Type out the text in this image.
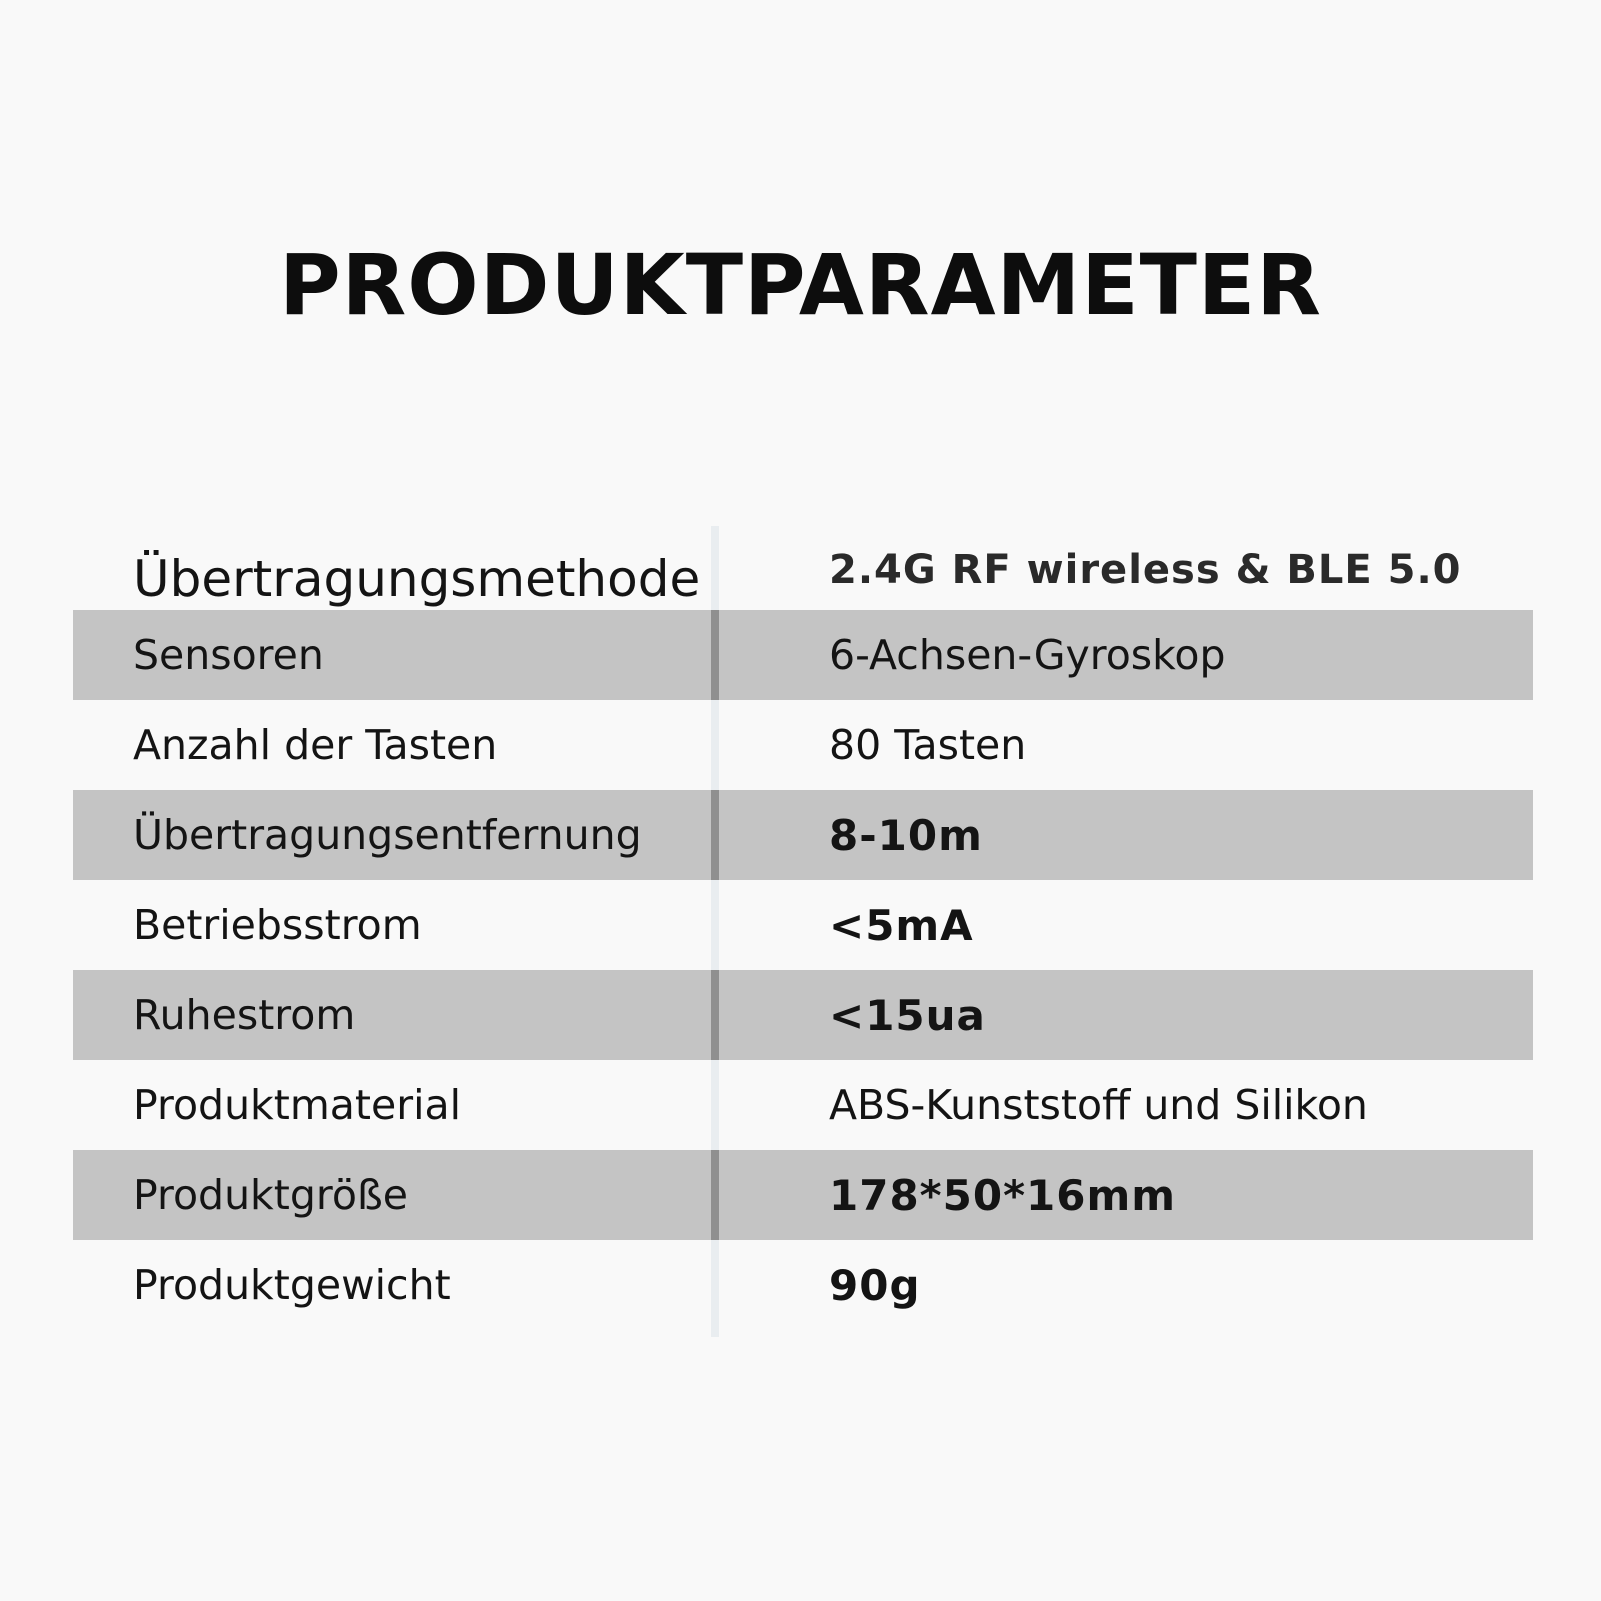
PRODUKTPARAMETER
Übertragungsmethode	2.4G RF wireless & BLE 5.0
Sensoren	6-Achsen-Gyroskop
Anzahl der Tasten	80 Tasten
Übertragungsentfernung	8-10m
Betriebsstrom	<5mA
Ruhestrom	<15ua
Produktmaterial	ABS-Kunststoff und Silikon
Produktgröße	178*50*16mm
Produktgewicht	90g
